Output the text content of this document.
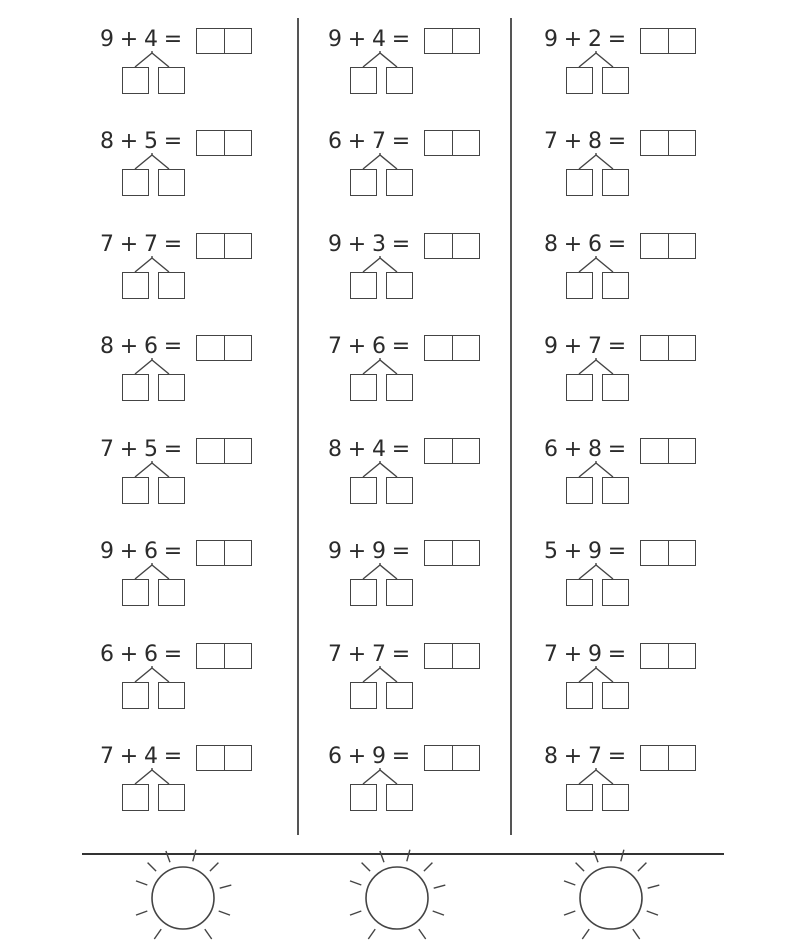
9 + 4 =
8 + 5 =
7 + 7 =
8 + 6 =
7 + 5 =
9 + 6 =
6 + 6 =
7 + 4 =
9 + 4 =
6 + 7 =
9 + 3 =
7 + 6 =
8 + 4 =
9 + 9 =
7 + 7 =
6 + 9 =
9 + 2 =
7 + 8 =
8 + 6 =
9 + 7 =
6 + 8 =
5 + 9 =
7 + 9 =
8 + 7 =
